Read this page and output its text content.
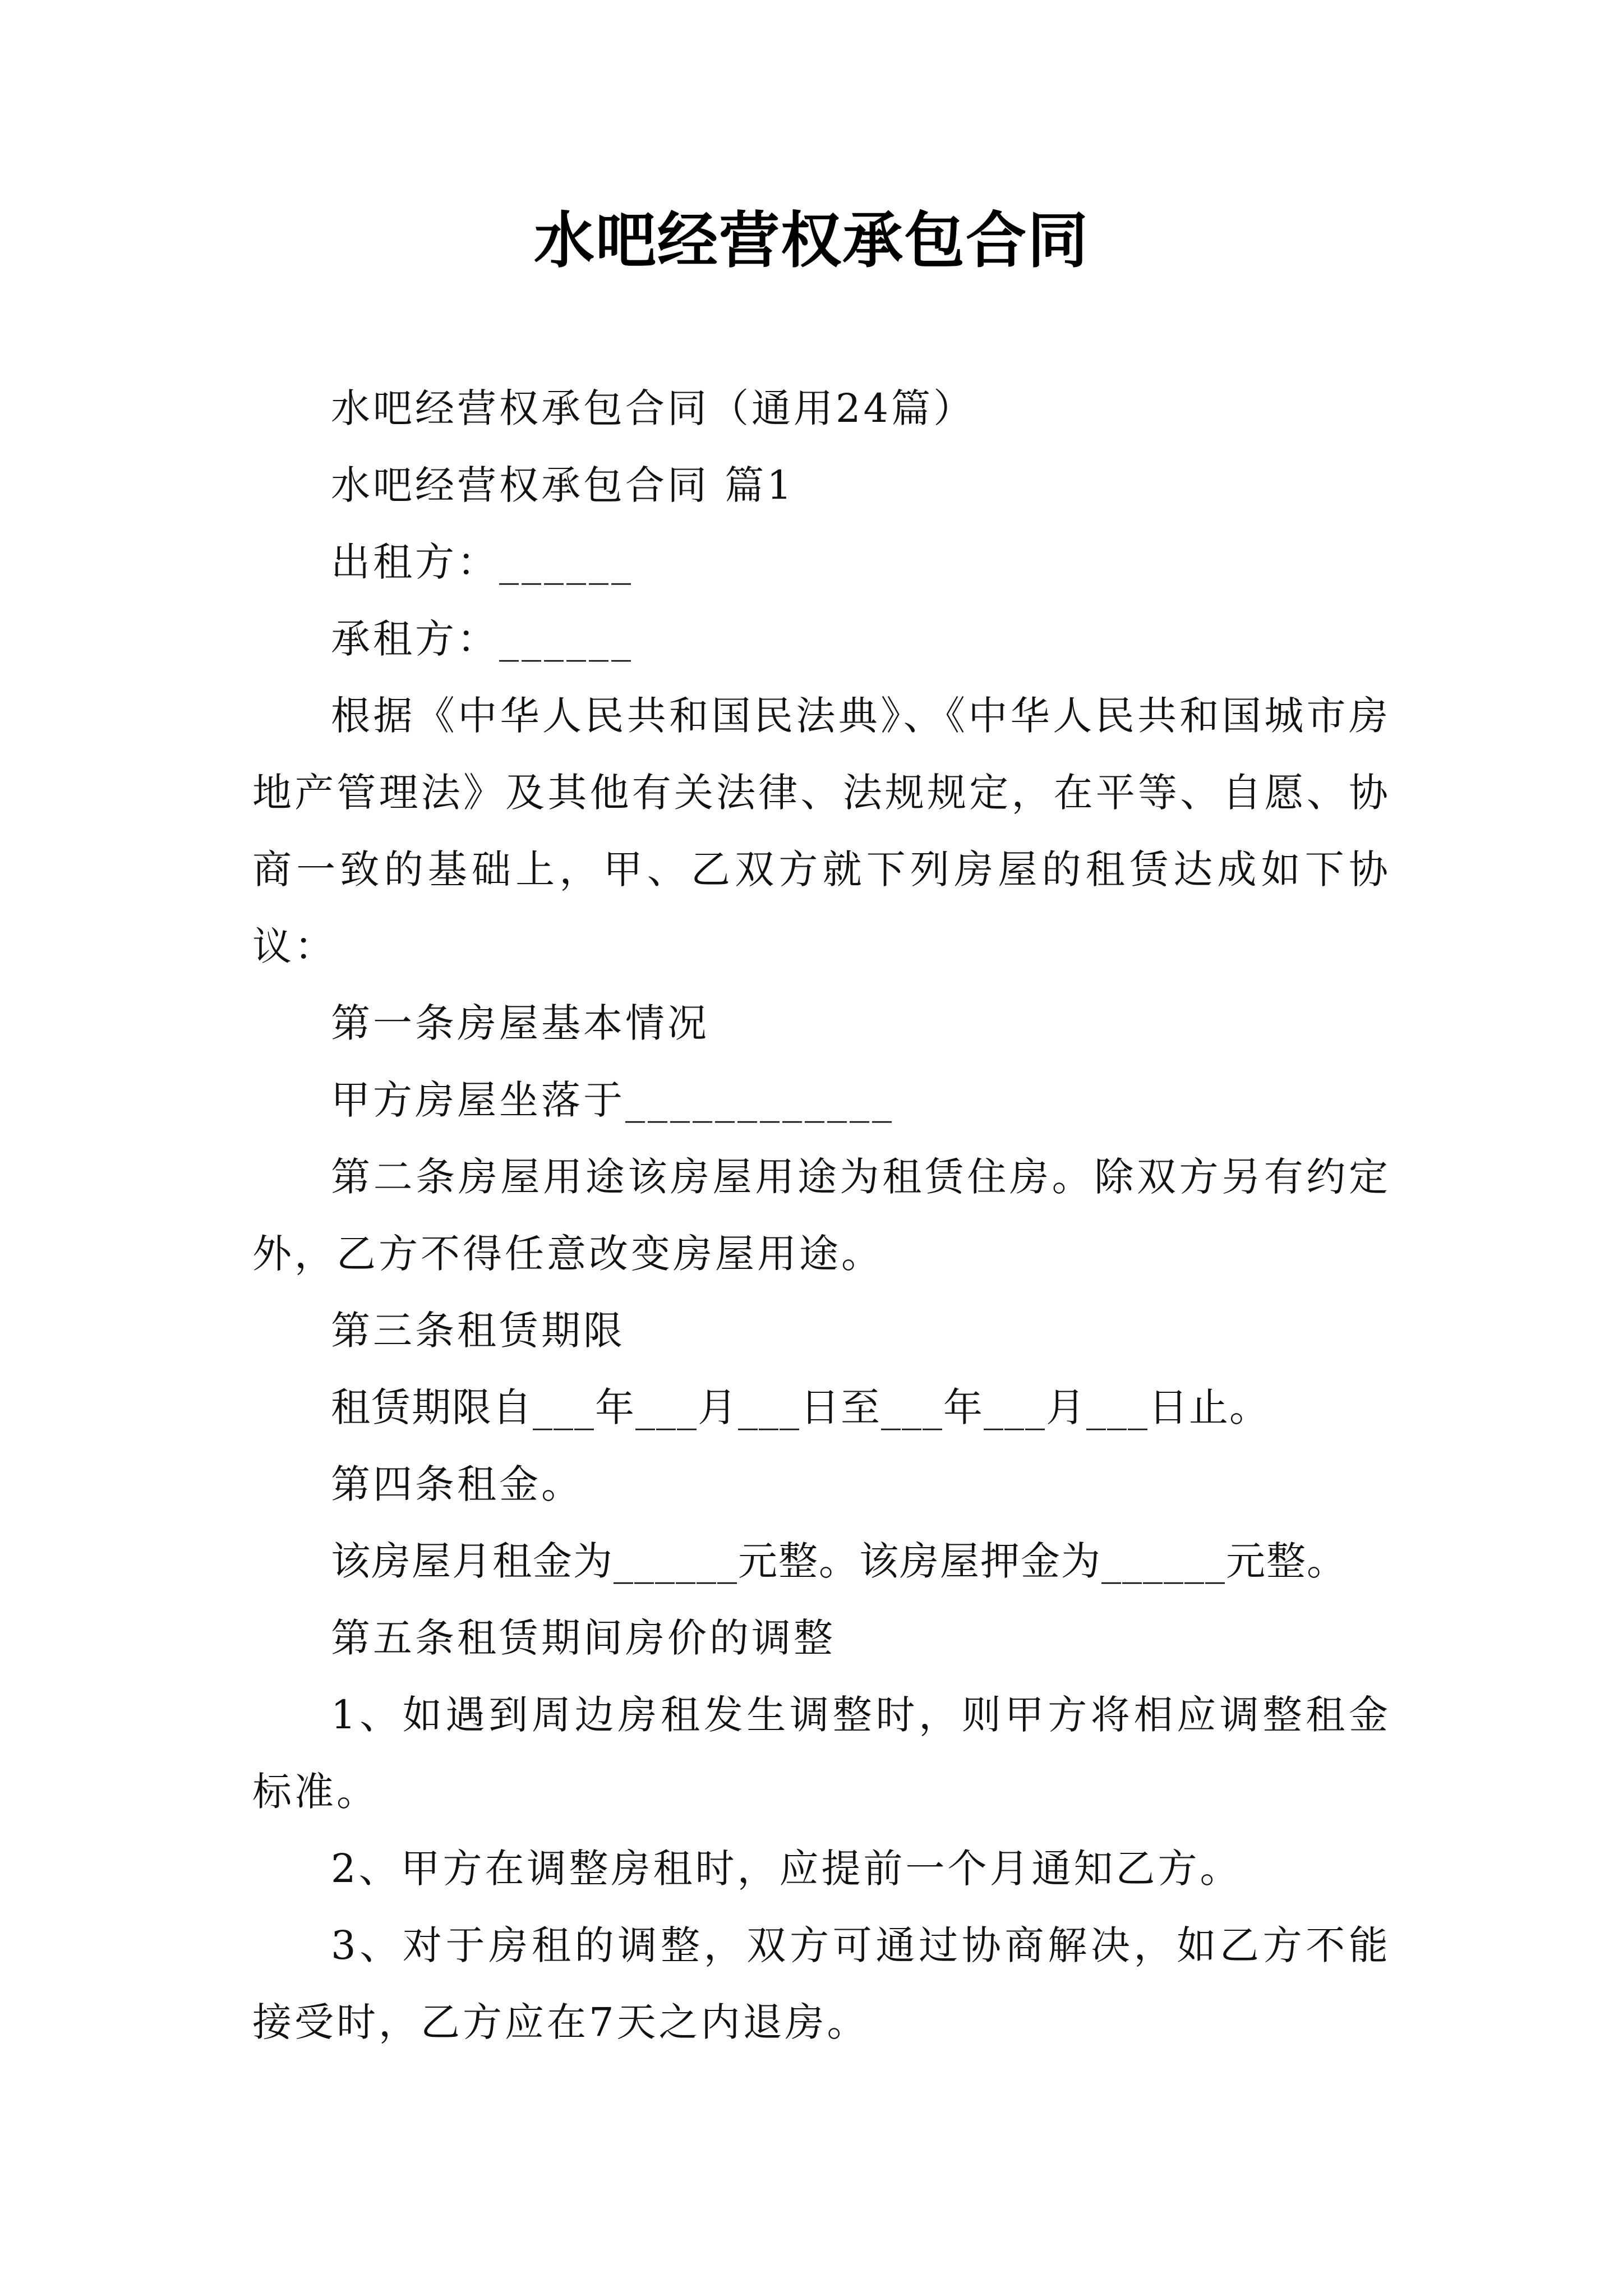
水吧经营权承包合同

水吧经营权承包合同（通用24篇）

水吧经营权承包合同 篇1

出租方：______

承租方：______

根据《中华人民共和国民法典》、《中华人民共和国城市房地产管理法》及其他有关法律、法规规定，在平等、自愿、协商一致的基础上，甲、乙双方就下列房屋的租赁达成如下协议：

第一条房屋基本情况

甲方房屋坐落于____________

第二条房屋用途该房屋用途为租赁住房。除双方另有约定外，乙方不得任意改变房屋用途。

第三条租赁期限

租赁期限自___年___月___日至___年___月___日止。

第四条租金。

该房屋月租金为______元整。该房屋押金为______元整。

第五条租赁期间房价的调整

1、如遇到周边房租发生调整时，则甲方将相应调整租金标准。

2、甲方在调整房租时，应提前一个月通知乙方。

3、对于房租的调整，双方可通过协商解决，如乙方不能接受时，乙方应在7天之内退房。
